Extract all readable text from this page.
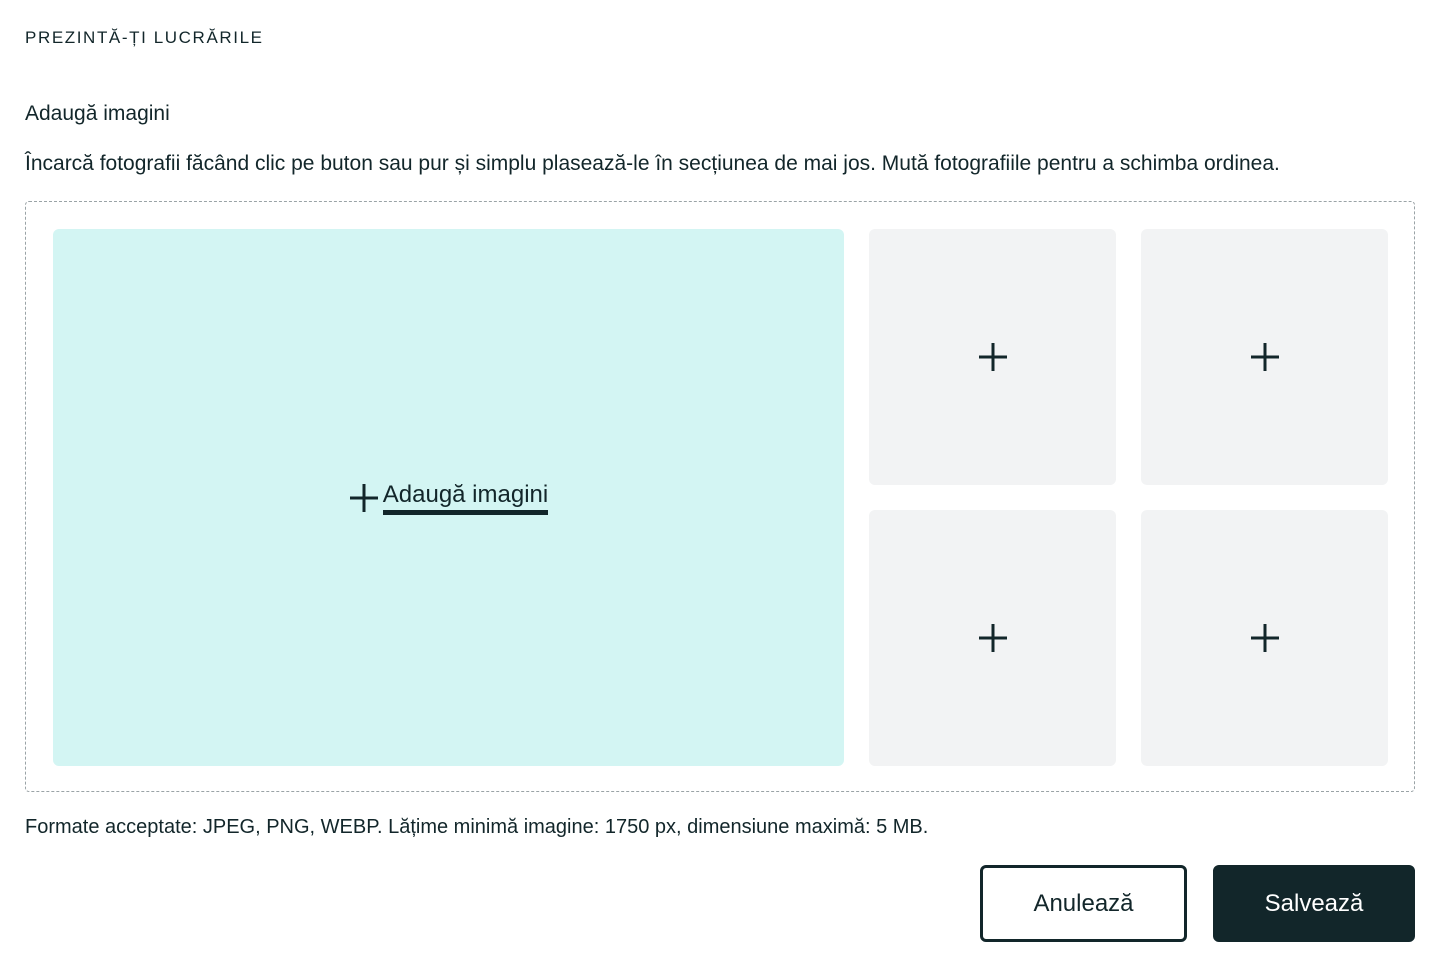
PREZINTĂ-ȚI LUCRĂRILE
Adaugă imagini
Încarcă fotografii făcând clic pe buton sau pur și simplu plasează-le în secțiunea de mai jos. Mută fotografiile pentru a schimba ordinea.
Adaugă imagini
Formate acceptate: JPEG, PNG, WEBP. Lățime minimă imagine: 1750 px, dimensiune maximă: 5 MB.
Anulează	Salvează
